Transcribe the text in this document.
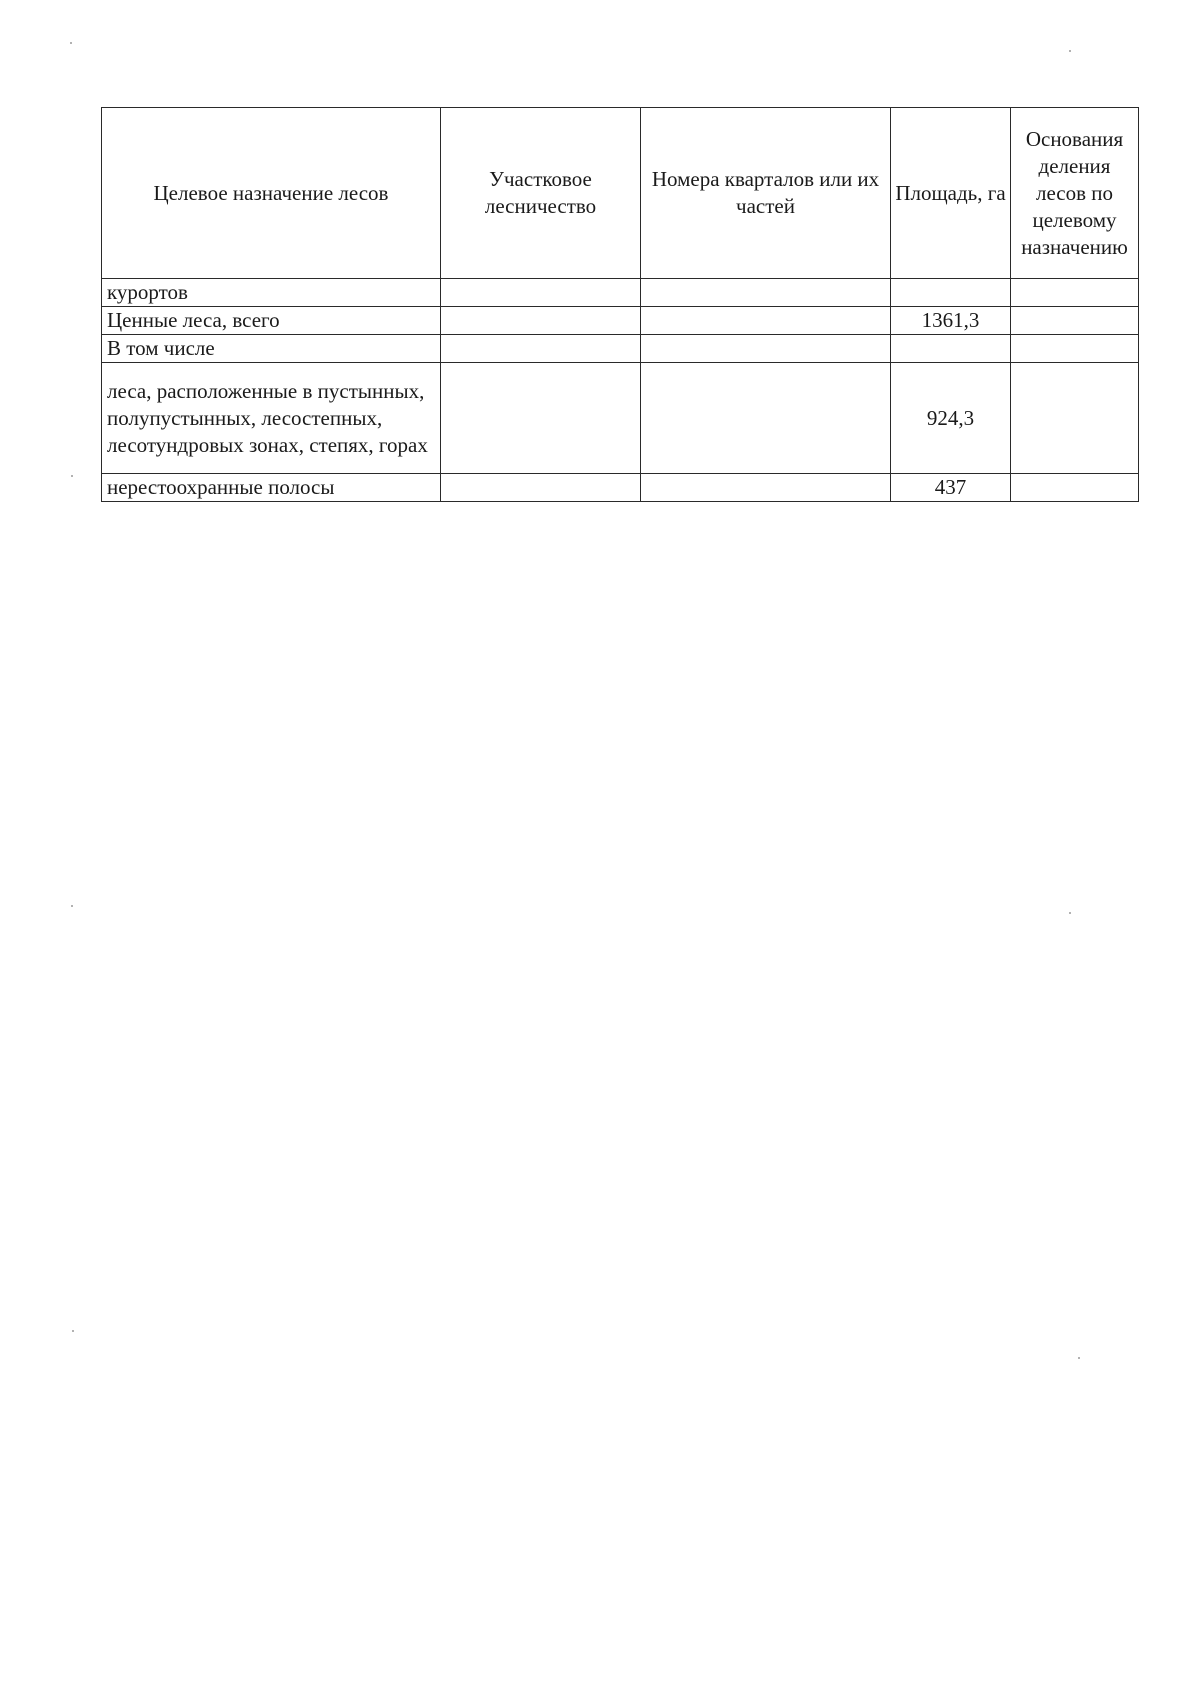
Целевое назначение лесов	Участковое лесничество	Номера кварталов или их частей	Площадь, га	Основания деления лесов по целевому назначению
курортов				
Ценные леса, всего			1361,3	
В том числе				
леса, расположенные в пустынных, полупустынных, лесостепных, лесотундровых зонах, степях, горах			924,3	
нерестоохранные полосы			437	
